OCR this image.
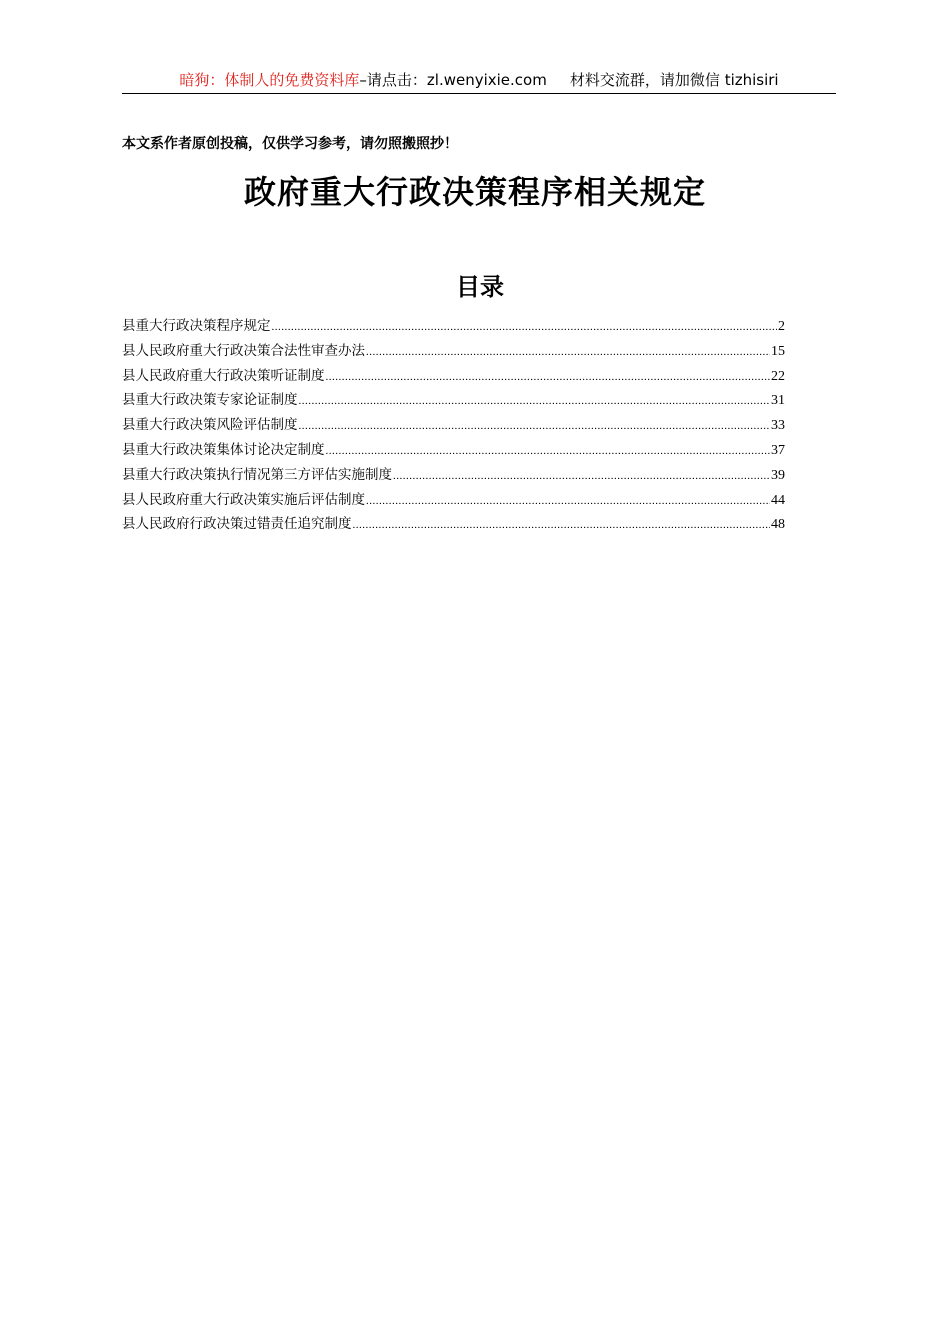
暗狗：体制人的免费资料库–请点击：zl.wenyixie.com 材料交流群，请加微信 tizhisiri
本文系作者原创投稿，仅供学习参考，请勿照搬照抄！
政府重大行政决策程序相关规定
目录
县重大行政决策程序规定 .....	2
县人民政府重大行政决策合法性审查办法 .....	15
县人民政府重大行政决策听证制度 .....	22
县重大行政决策专家论证制度 .....	31
县重大行政决策风险评估制度 .....	33
县重大行政决策集体讨论决定制度 .....	37
县重大行政决策执行情况第三方评估实施制度 .....	39
县人民政府重大行政决策实施后评估制度 .....	44
县人民政府行政决策过错责任追究制度 .....	48
